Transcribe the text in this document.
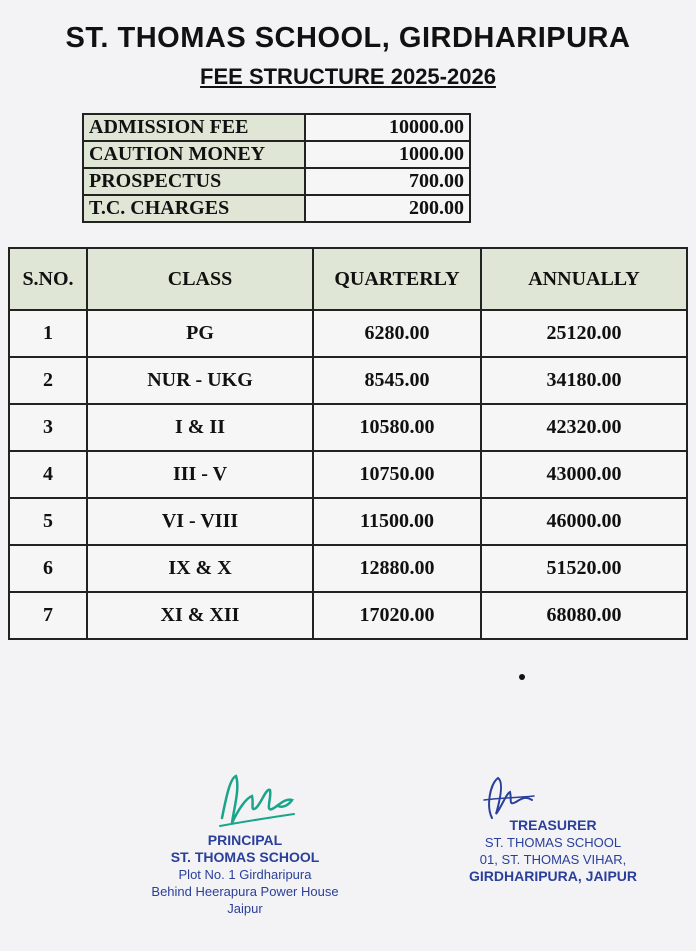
ST. THOMAS SCHOOL, GIRDHARIPURA
FEE STRUCTURE 2025-2026
ADMISSION FEE	10000.00
CAUTION MONEY	1000.00
PROSPECTUS	700.00
T.C. CHARGES	200.00
S.NO.	CLASS	QUARTERLY	ANNUALLY
1	PG	6280.00	25120.00
2	NUR - UKG	8545.00	34180.00
3	I & II	10580.00	42320.00
4	III - V	10750.00	43000.00
5	VI - VIII	11500.00	46000.00
6	IX & X	12880.00	51520.00
7	XI & XII	17020.00	68080.00
PRINCIPAL
ST. THOMAS SCHOOL
Plot No. 1 Girdharipura
Behind Heerapura Power House
Jaipur
TREASURER
ST. THOMAS SCHOOL
01, ST. THOMAS VIHAR,
GIRDHARIPURA, JAIPUR
